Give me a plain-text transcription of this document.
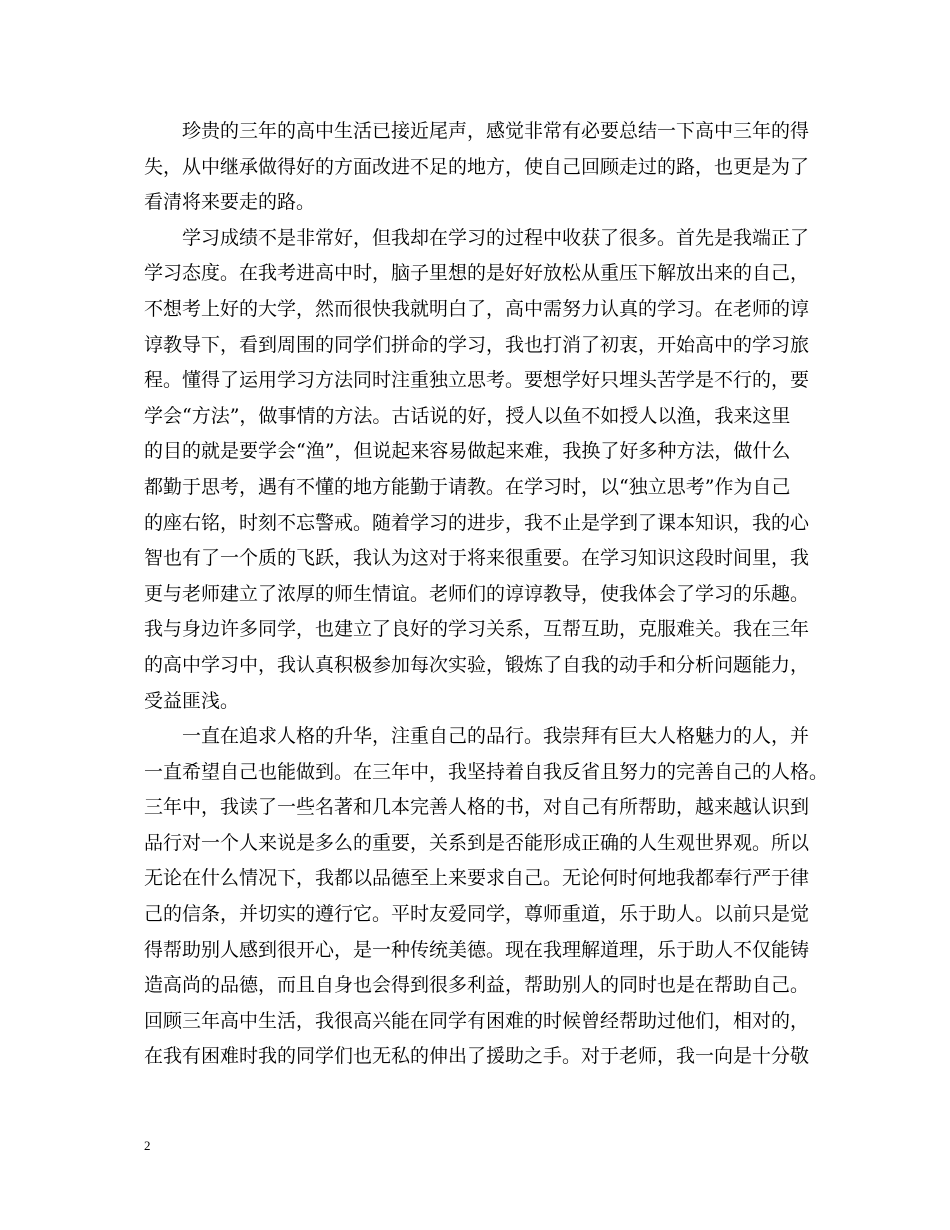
　　珍贵的三年的高中生活已接近尾声，感觉非常有必要总结一下高中三年的得
失，从中继承做得好的方面改进不足的地方，使自己回顾走过的路，也更是为了
看清将来要走的路。
　　学习成绩不是非常好，但我却在学习的过程中收获了很多。首先是我端正了
学习态度。在我考进高中时，脑子里想的是好好放松从重压下解放出来的自己，
不想考上好的大学，然而很快我就明白了，高中需努力认真的学习。在老师的谆
谆教导下，看到周围的同学们拼命的学习，我也打消了初衷，开始高中的学习旅
程。懂得了运用学习方法同时注重独立思考。要想学好只埋头苦学是不行的，要
学会“方法”，做事情的方法。古话说的好，授人以鱼不如授人以渔，我来这里
的目的就是要学会“渔”，但说起来容易做起来难，我换了好多种方法，做什么
都勤于思考，遇有不懂的地方能勤于请教。在学习时，以“独立思考”作为自己
的座右铭，时刻不忘警戒。随着学习的进步，我不止是学到了课本知识，我的心
智也有了一个质的飞跃，我认为这对于将来很重要。在学习知识这段时间里，我
更与老师建立了浓厚的师生情谊。老师们的谆谆教导，使我体会了学习的乐趣。
我与身边许多同学，也建立了良好的学习关系，互帮互助，克服难关。我在三年
的高中学习中，我认真积极参加每次实验，锻炼了自我的动手和分析问题能力，
受益匪浅。
　　一直在追求人格的升华，注重自己的品行。我崇拜有巨大人格魅力的人，并
一直希望自己也能做到。在三年中，我坚持着自我反省且努力的完善自己的人格。
三年中，我读了一些名著和几本完善人格的书，对自己有所帮助，越来越认识到
品行对一个人来说是多么的重要，关系到是否能形成正确的人生观世界观。所以
无论在什么情况下，我都以品德至上来要求自己。无论何时何地我都奉行严于律
己的信条，并切实的遵行它。平时友爱同学，尊师重道，乐于助人。以前只是觉
得帮助别人感到很开心，是一种传统美德。现在我理解道理，乐于助人不仅能铸
造高尚的品德，而且自身也会得到很多利益，帮助别人的同时也是在帮助自己。
回顾三年高中生活，我很高兴能在同学有困难的时候曾经帮助过他们，相对的，
在我有困难时我的同学们也无私的伸出了援助之手。对于老师，我一向是十分敬
2
